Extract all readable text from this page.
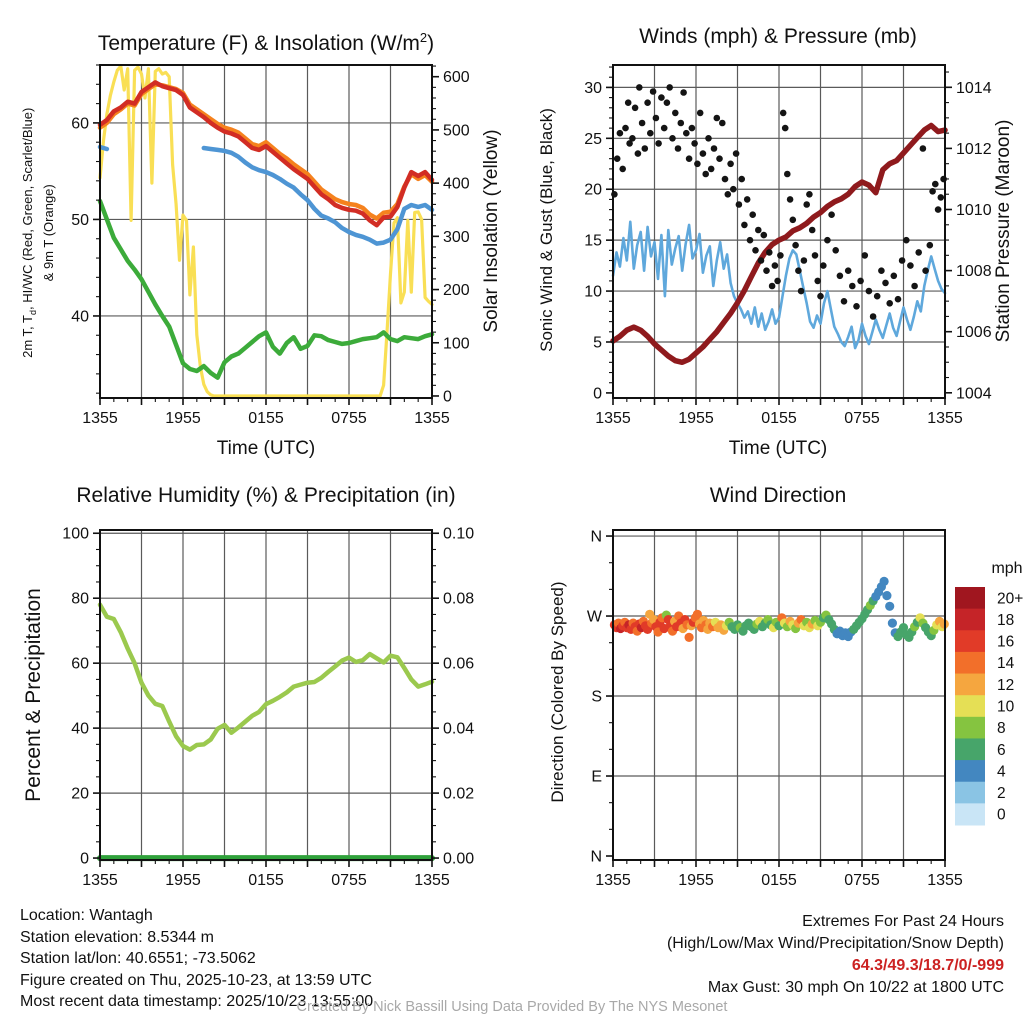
1355	1955	0155	0755	1355
40
50
60
0
100
200
300
400
500
600
1355	1955	0155	0755	1355
0
5
10
15
20
25
30
1004
1006
1008
1010
1012
1014
1355	1955	0155	0755	1355
0
20
40
60
80
100
0.00
0.02
0.04
0.06
0.08
0.10
1355	1955	0155	0755	1355
N
E
S
W
N
20+
18
16
14
12
10
8
6
4
2
0
mph
Temperature (F) & Insolation $(W/m^2)$	Winds (mph) & Pressure (mb)
Relative Humidity (%) & Precipitation (in)	Wind Direction
Time (UTC)	Time (UTC)
2m T, $T_d$, HI/WC (Red, Green, Scarlet/Blue) & 9m T (Orange)	Solar Insolation (Yellow) Sonic Wind & Gust (Blue, Black)	Station Pressure (Maroon)
Percent & Precipitation	Direction (Colored By Speed)
Location: Wantagh
Station elevation: 8.5344 m
Station lat/lon: 40.6551; -73.5062
Figure created on Thu, 2025-10-23, at 13:59 UTC
Most recent data timestamp: 2025/10/23 13:55:00
Extremes For Past 24 Hours
(High/Low/Max Wind/Precipitation/Snow Depth)
64.3/49.3/18.7/0/-999
Max Gust: 30 mph On 10/22 at 1800 UTC
Created By Nick Bassill Using Data Provided By The NYS Mesonet
